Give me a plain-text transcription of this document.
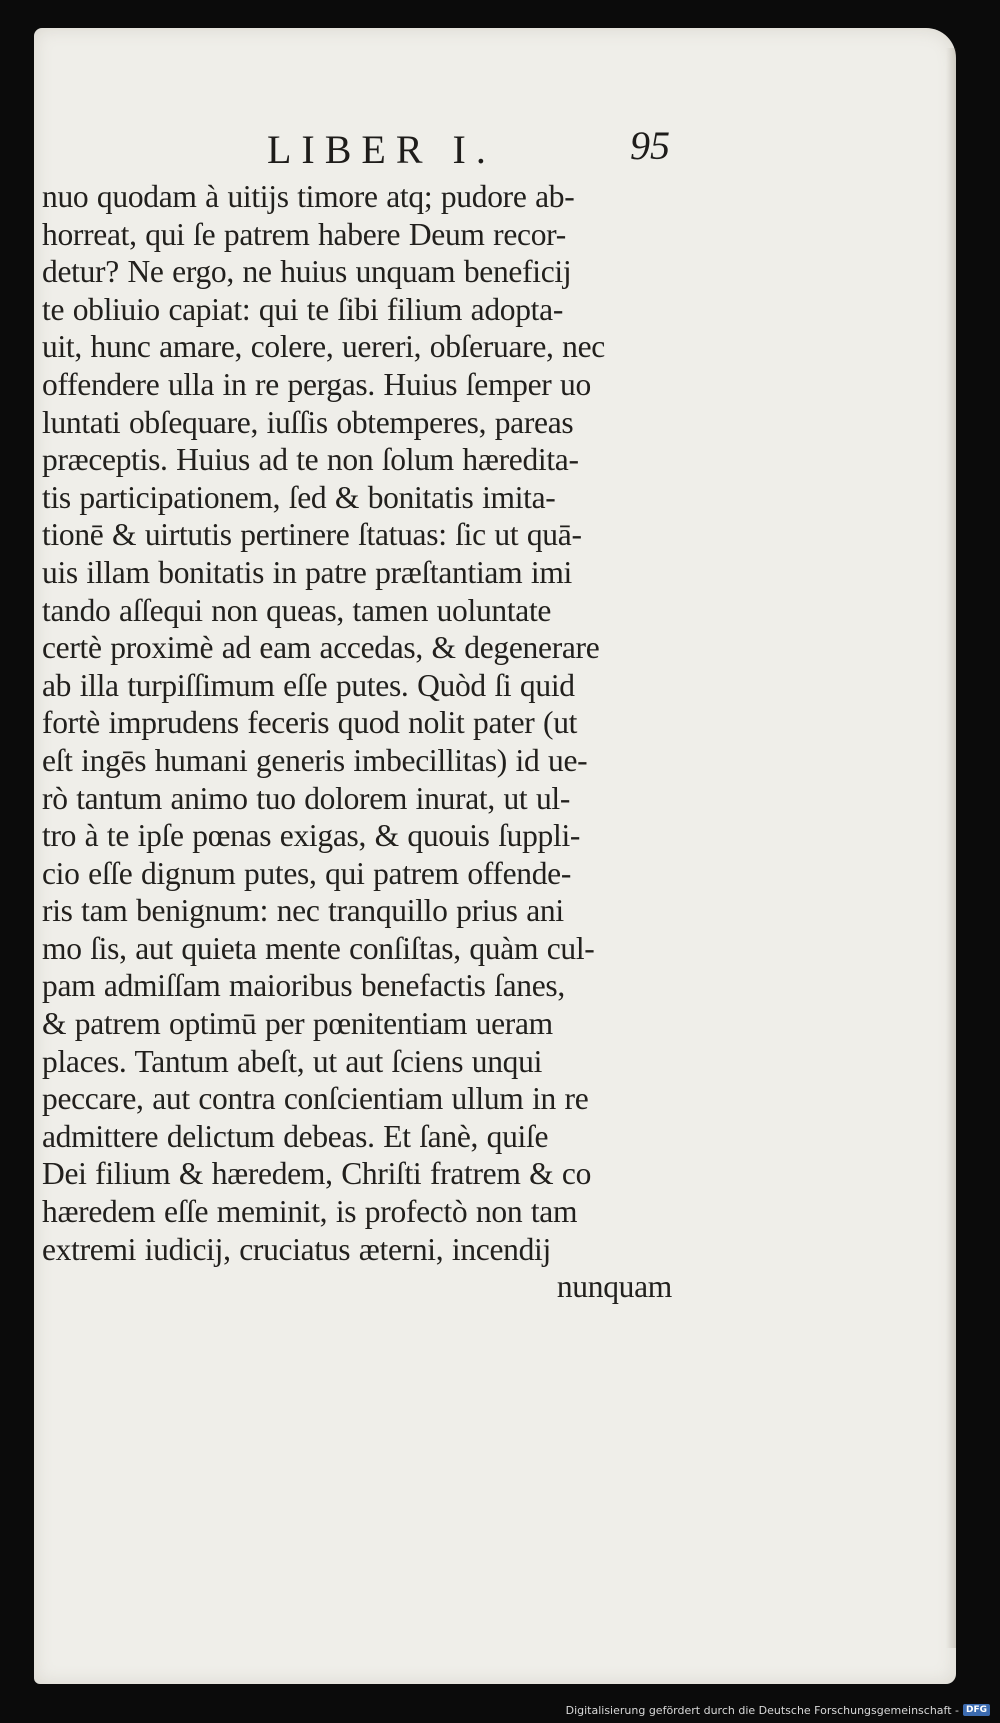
LIBER I.	95
nuo quodam à uitijs timore atq; pudore ab-
horreat, qui ſe patrem habere Deum recor-
detur? Ne ergo, ne huius unquam beneficij
te obliuio capiat: qui te ſibi filium adopta-
uit, hunc amare, colere, uereri, obſeruare, nec
offendere ulla in re pergas. Huius ſemper uo
luntati obſequare, iuſſis obtemperes, pareas
præceptis. Huius ad te non ſolum hæredita-
tis participationem, ſed & bonitatis imita-
tionē & uirtutis pertinere ſtatuas: ſic ut quā-
uis illam bonitatis in patre præſtantiam imi
tando aſſequi non queas, tamen uoluntate
certè proximè ad eam accedas, & degenerare
ab illa turpiſſimum eſſe putes. Quòd ſi quid
fortè imprudens feceris quod nolit pater (ut
eſt ingēs humani generis imbecillitas) id ue-
rò tantum animo tuo dolorem inurat, ut ul-
tro à te ipſe pœnas exigas, & quouis ſuppli-
cio eſſe dignum putes, qui patrem offende-
ris tam benignum: nec tranquillo prius ani
mo ſis, aut quieta mente conſiſtas, quàm cul-
pam admiſſam maioribus benefactis ſanes,
& patrem optimū per pœnitentiam ueram
places. Tantum abeſt, ut aut ſciens unqui
peccare, aut contra conſcientiam ullum in re
admittere delictum debeas. Et ſanè, quiſe
Dei filium & hæredem, Chriſti fratrem & co
hæredem eſſe meminit, is profectò non tam
extremi iudicij, cruciatus æterni, incendij
nunquam
Digitalisierung gefördert durch die Deutsche Forschungsgemeinschaft - DFG
